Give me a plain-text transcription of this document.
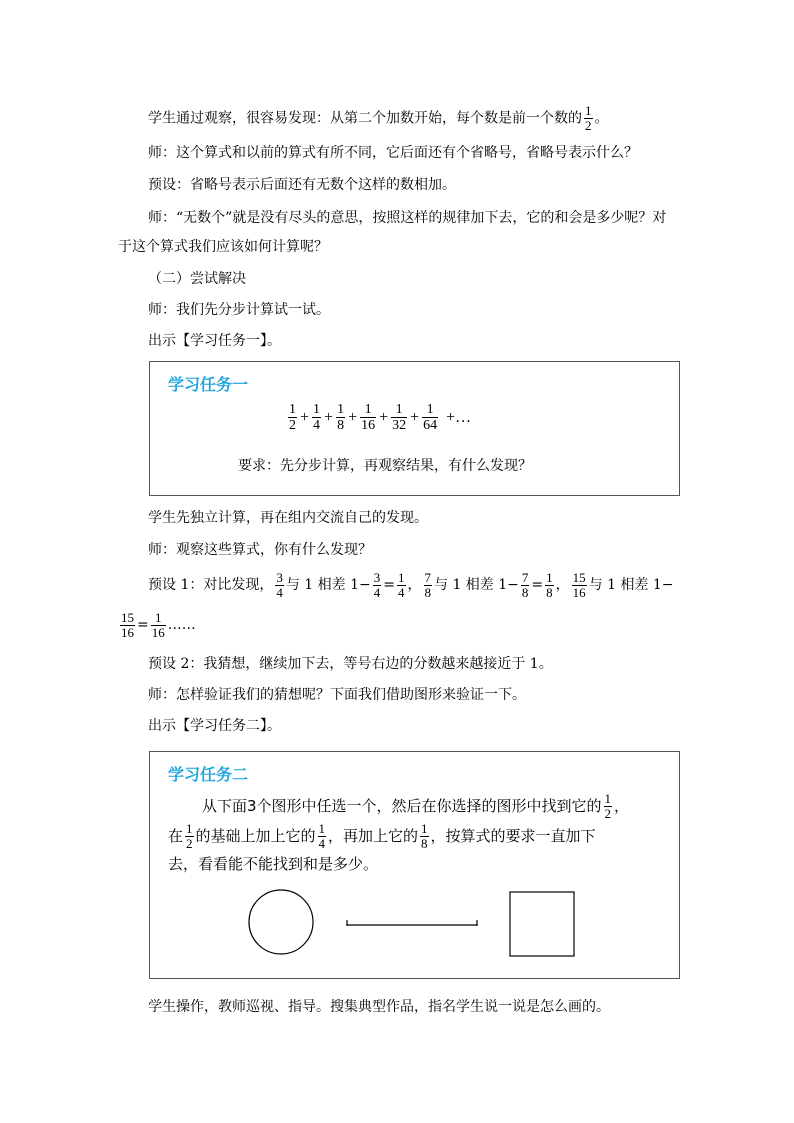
学生通过观察，很容易发现：从第二个加数开始，每个数是前一个数的 $\frac{1}{2}$ 。
师：这个算式和以前的算式有所不同，它后面还有个省略号，省略号表示什么？
预设：省略号表示后面还有无数个这样的数相加。
师：“无数个”就是没有尽头的意思，按照这样的规律加下去，它的和会是多少呢？对
于这个算式我们应该如何计算呢？
（二）尝试解决
师：我们先分步计算试一试。
出示【学习任务一】。
学习任务一
$\frac{1}{2} + \frac{1}{4} + \frac{1}{8} + \frac{1}{16} + \frac{1}{32} + \frac{1}{64}$ +…
要求：先分步计算，再观察结果，有什么发现？
学生先独立计算，再在组内交流自己的发现。
师：观察这些算式，你有什么发现？
预设 1：对比发现， $\frac{3}{4}$ 与 1 相差 $1- \frac{3}{4} = \frac{1}{4}$ ， $\frac{7}{8}$ 与 1 相差 $1- \frac{7}{8} = \frac{1}{8}$ ， $\frac{15}{16}$ 与 1 相差 1−
$\frac{15}{16} = \frac{1}{16}$ ……
预设 2：我猜想，继续加下去，等号右边的分数越来越接近于 1。
师：怎样验证我们的猜想呢？下面我们借助图形来验证一下。
出示【学习任务二】。
学习任务二
从下面3个图形中任选一个，然后在你选择的图形中找到它的 $\frac{1}{2}$ ，
在 $\frac{1}{2}$ 的基础上加上它的 $\frac{1}{4}$ ，再加上它的 $\frac{1}{8}$ ，按算式的要求一直加下
去，看看能不能找到和是多少。
学生操作，教师巡视、指导。搜集典型作品，指名学生说一说是怎么画的。
